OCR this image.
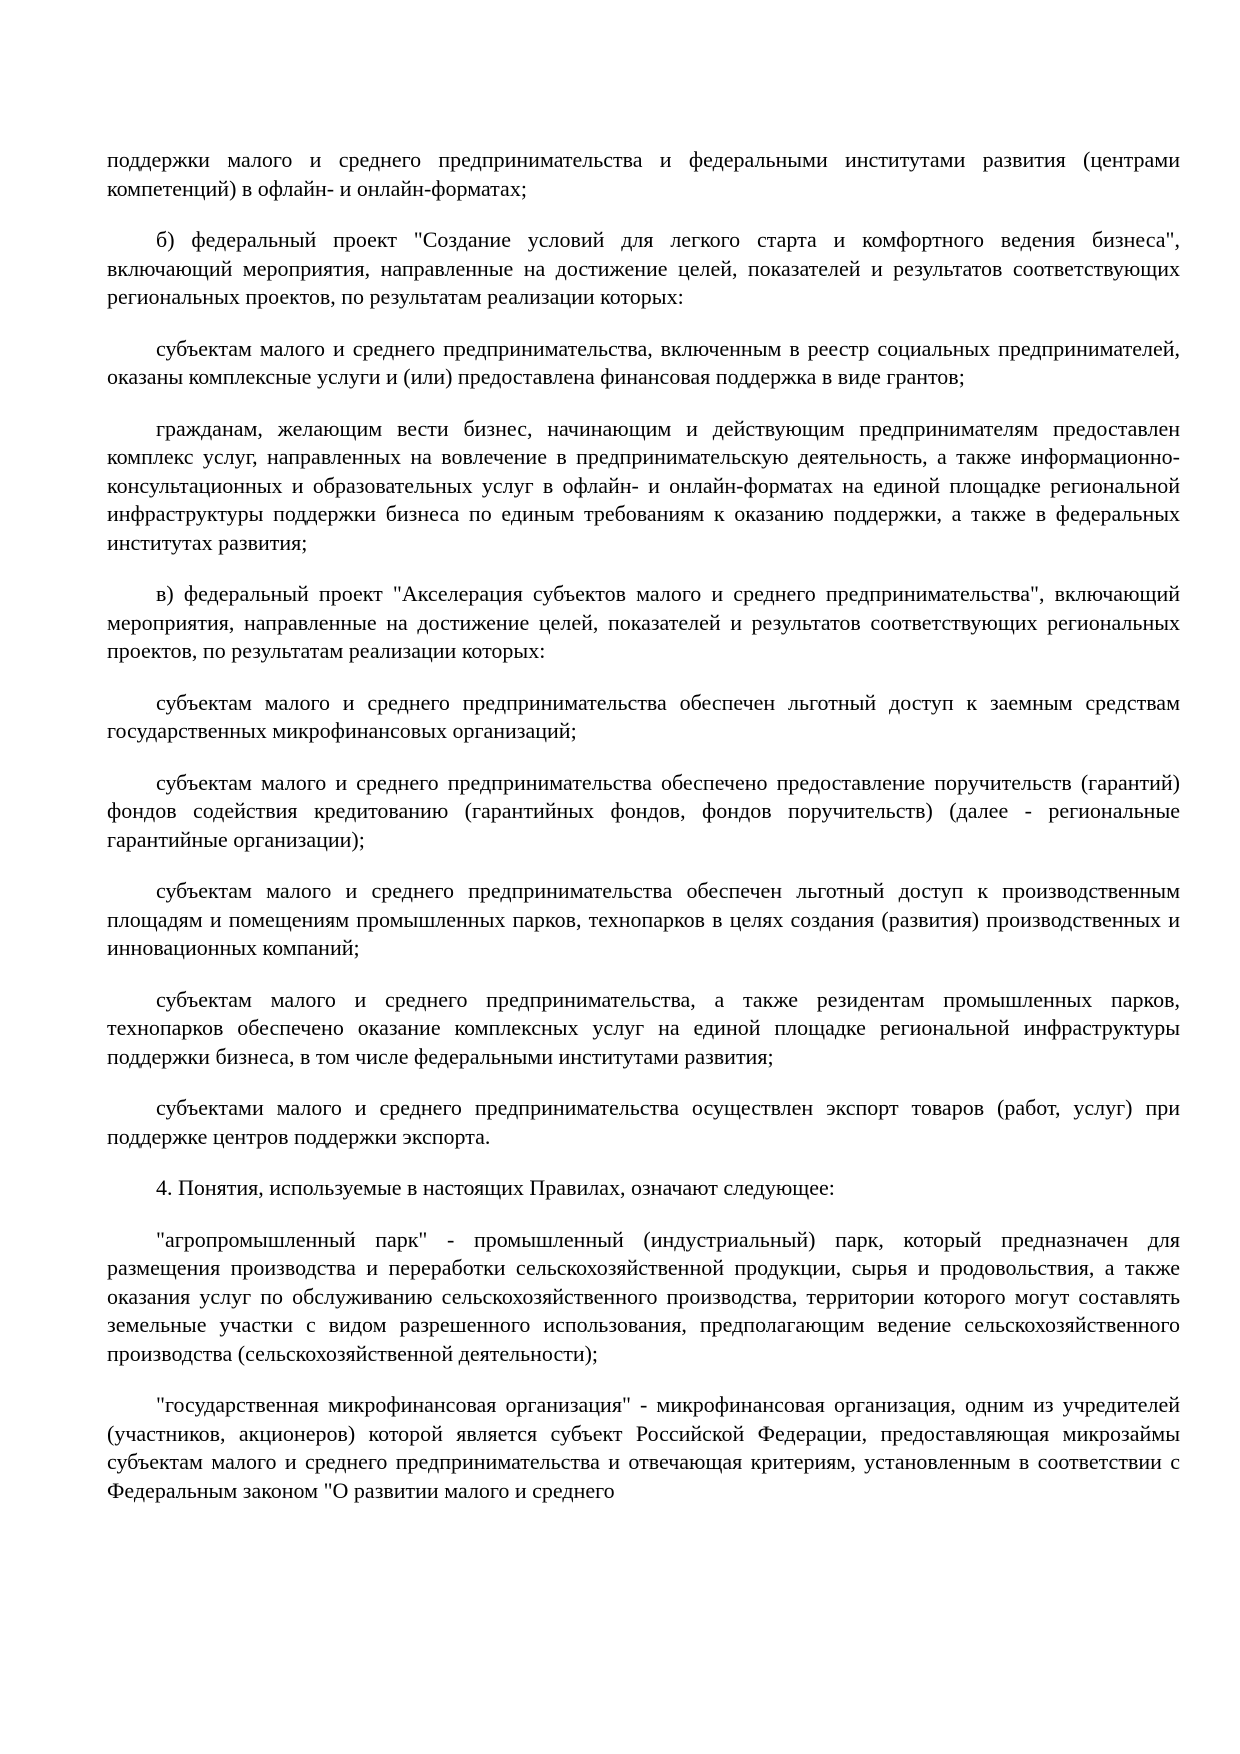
поддержки малого и среднего предпринимательства и федеральными институтами развития (центрами компетенций) в офлайн- и онлайн-форматах;

б) федеральный проект "Создание условий для легкого старта и комфортного ведения бизнеса", включающий мероприятия, направленные на достижение целей, показателей и результатов соответствующих региональных проектов, по результатам реализации которых:

субъектам малого и среднего предпринимательства, включенным в реестр социальных предпринимателей, оказаны комплексные услуги и (или) предоставлена финансовая поддержка в виде грантов;

гражданам, желающим вести бизнес, начинающим и действующим предпринимателям предоставлен комплекс услуг, направленных на вовлечение в предпринимательскую деятельность, а также информационно-консультационных и образовательных услуг в офлайн- и онлайн-форматах на единой площадке региональной инфраструктуры поддержки бизнеса по единым требованиям к оказанию поддержки, а также в федеральных институтах развития;

в) федеральный проект "Акселерация субъектов малого и среднего предпринимательства", включающий мероприятия, направленные на достижение целей, показателей и результатов соответствующих региональных проектов, по результатам реализации которых:

субъектам малого и среднего предпринимательства обеспечен льготный доступ к заемным средствам государственных микрофинансовых организаций;

субъектам малого и среднего предпринимательства обеспечено предоставление поручительств (гарантий) фондов содействия кредитованию (гарантийных фондов, фондов поручительств) (далее - региональные гарантийные организации);

субъектам малого и среднего предпринимательства обеспечен льготный доступ к производственным площадям и помещениям промышленных парков, технопарков в целях создания (развития) производственных и инновационных компаний;

субъектам малого и среднего предпринимательства, а также резидентам промышленных парков, технопарков обеспечено оказание комплексных услуг на единой площадке региональной инфраструктуры поддержки бизнеса, в том числе федеральными институтами развития;

субъектами малого и среднего предпринимательства осуществлен экспорт товаров (работ, услуг) при поддержке центров поддержки экспорта.

4. Понятия, используемые в настоящих Правилах, означают следующее:

"агропромышленный парк" - промышленный (индустриальный) парк, который предназначен для размещения производства и переработки сельскохозяйственной продукции, сырья и продовольствия, а также оказания услуг по обслуживанию сельскохозяйственного производства, территории которого могут составлять земельные участки с видом разрешенного использования, предполагающим ведение сельскохозяйственного производства (сельскохозяйственной деятельности);

"государственная микрофинансовая организация" - микрофинансовая организация, одним из учредителей (участников, акционеров) которой является субъект Российской Федерации, предоставляющая микрозаймы субъектам малого и среднего предпринимательства и отвечающая критериям, установленным в соответствии с Федеральным законом "О развитии малого и среднего
